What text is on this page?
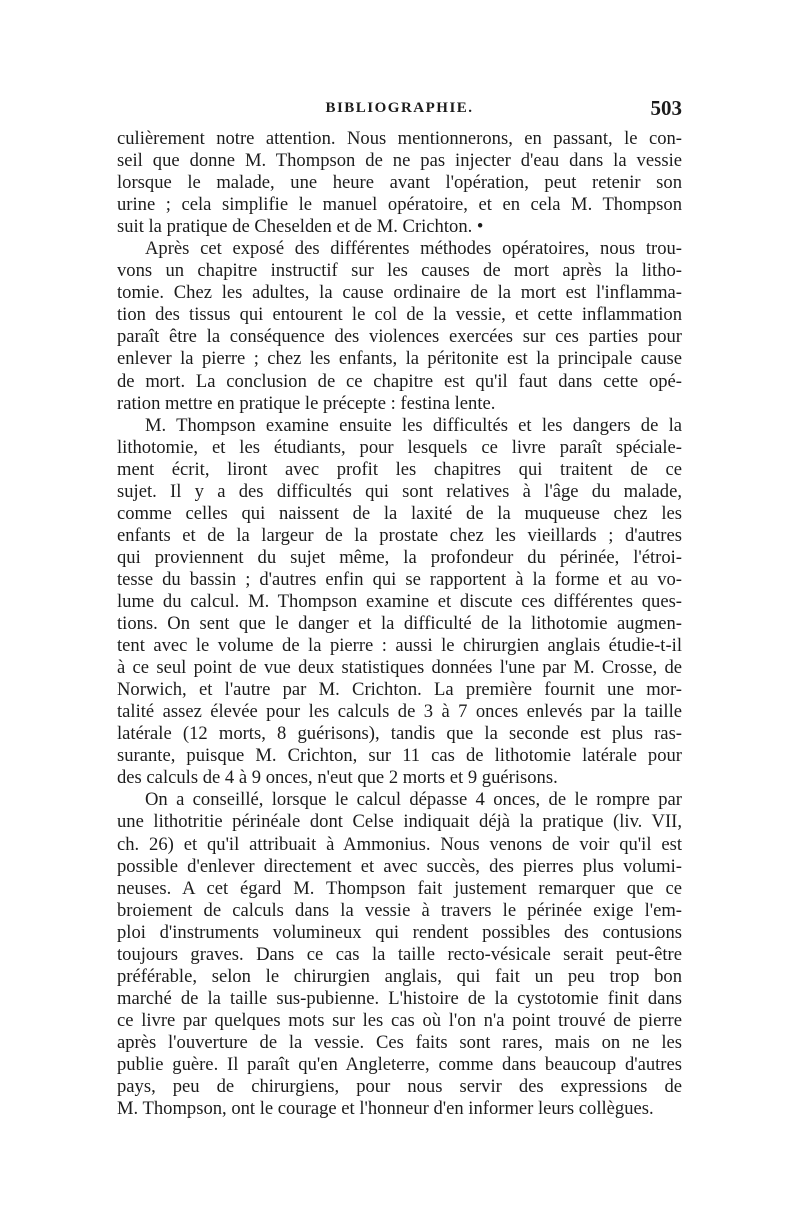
BIBLIOGRAPHIE.	503
culièrement notre attention. Nous mentionnerons, en passant, le con-
seil que donne M. Thompson de ne pas injecter d'eau dans la vessie
lorsque le malade, une heure avant l'opération, peut retenir son
urine ; cela simplifie le manuel opératoire, et en cela M. Thompson
suit la pratique de Cheselden et de M. Crichton. •
Après cet exposé des différentes méthodes opératoires, nous trou-
vons un chapitre instructif sur les causes de mort après la litho-
tomie. Chez les adultes, la cause ordinaire de la mort est l'inflamma-
tion des tissus qui entourent le col de la vessie, et cette inflammation
paraît être la conséquence des violences exercées sur ces parties pour
enlever la pierre ; chez les enfants, la péritonite est la principale cause
de mort. La conclusion de ce chapitre est qu'il faut dans cette opé-
ration mettre en pratique le précepte : festina lente.
M. Thompson examine ensuite les difficultés et les dangers de la
lithotomie, et les étudiants, pour lesquels ce livre paraît spéciale-
ment écrit, liront avec profit les chapitres qui traitent de ce
sujet. Il y a des difficultés qui sont relatives à l'âge du malade,
comme celles qui naissent de la laxité de la muqueuse chez les
enfants et de la largeur de la prostate chez les vieillards ; d'autres
qui proviennent du sujet même, la profondeur du périnée, l'étroi-
tesse du bassin ; d'autres enfin qui se rapportent à la forme et au vo-
lume du calcul. M. Thompson examine et discute ces différentes ques-
tions. On sent que le danger et la difficulté de la lithotomie augmen-
tent avec le volume de la pierre : aussi le chirurgien anglais étudie-t-il
à ce seul point de vue deux statistiques données l'une par M. Crosse, de
Norwich, et l'autre par M. Crichton. La première fournit une mor-
talité assez élevée pour les calculs de 3 à 7 onces enlevés par la taille
latérale (12 morts, 8 guérisons), tandis que la seconde est plus ras-
surante, puisque M. Crichton, sur 11 cas de lithotomie latérale pour
des calculs de 4 à 9 onces, n'eut que 2 morts et 9 guérisons.
On a conseillé, lorsque le calcul dépasse 4 onces, de le rompre par
une lithotritie périnéale dont Celse indiquait déjà la pratique (liv. VII,
ch. 26) et qu'il attribuait à Ammonius. Nous venons de voir qu'il est
possible d'enlever directement et avec succès, des pierres plus volumi-
neuses. A cet égard M. Thompson fait justement remarquer que ce
broiement de calculs dans la vessie à travers le périnée exige l'em-
ploi d'instruments volumineux qui rendent possibles des contusions
toujours graves. Dans ce cas la taille recto-vésicale serait peut-être
préférable, selon le chirurgien anglais, qui fait un peu trop bon
marché de la taille sus-pubienne. L'histoire de la cystotomie finit dans
ce livre par quelques mots sur les cas où l'on n'a point trouvé de pierre
après l'ouverture de la vessie. Ces faits sont rares, mais on ne les
publie guère. Il paraît qu'en Angleterre, comme dans beaucoup d'autres
pays, peu de chirurgiens, pour nous servir des expressions de
M. Thompson, ont le courage et l'honneur d'en informer leurs collègues.
